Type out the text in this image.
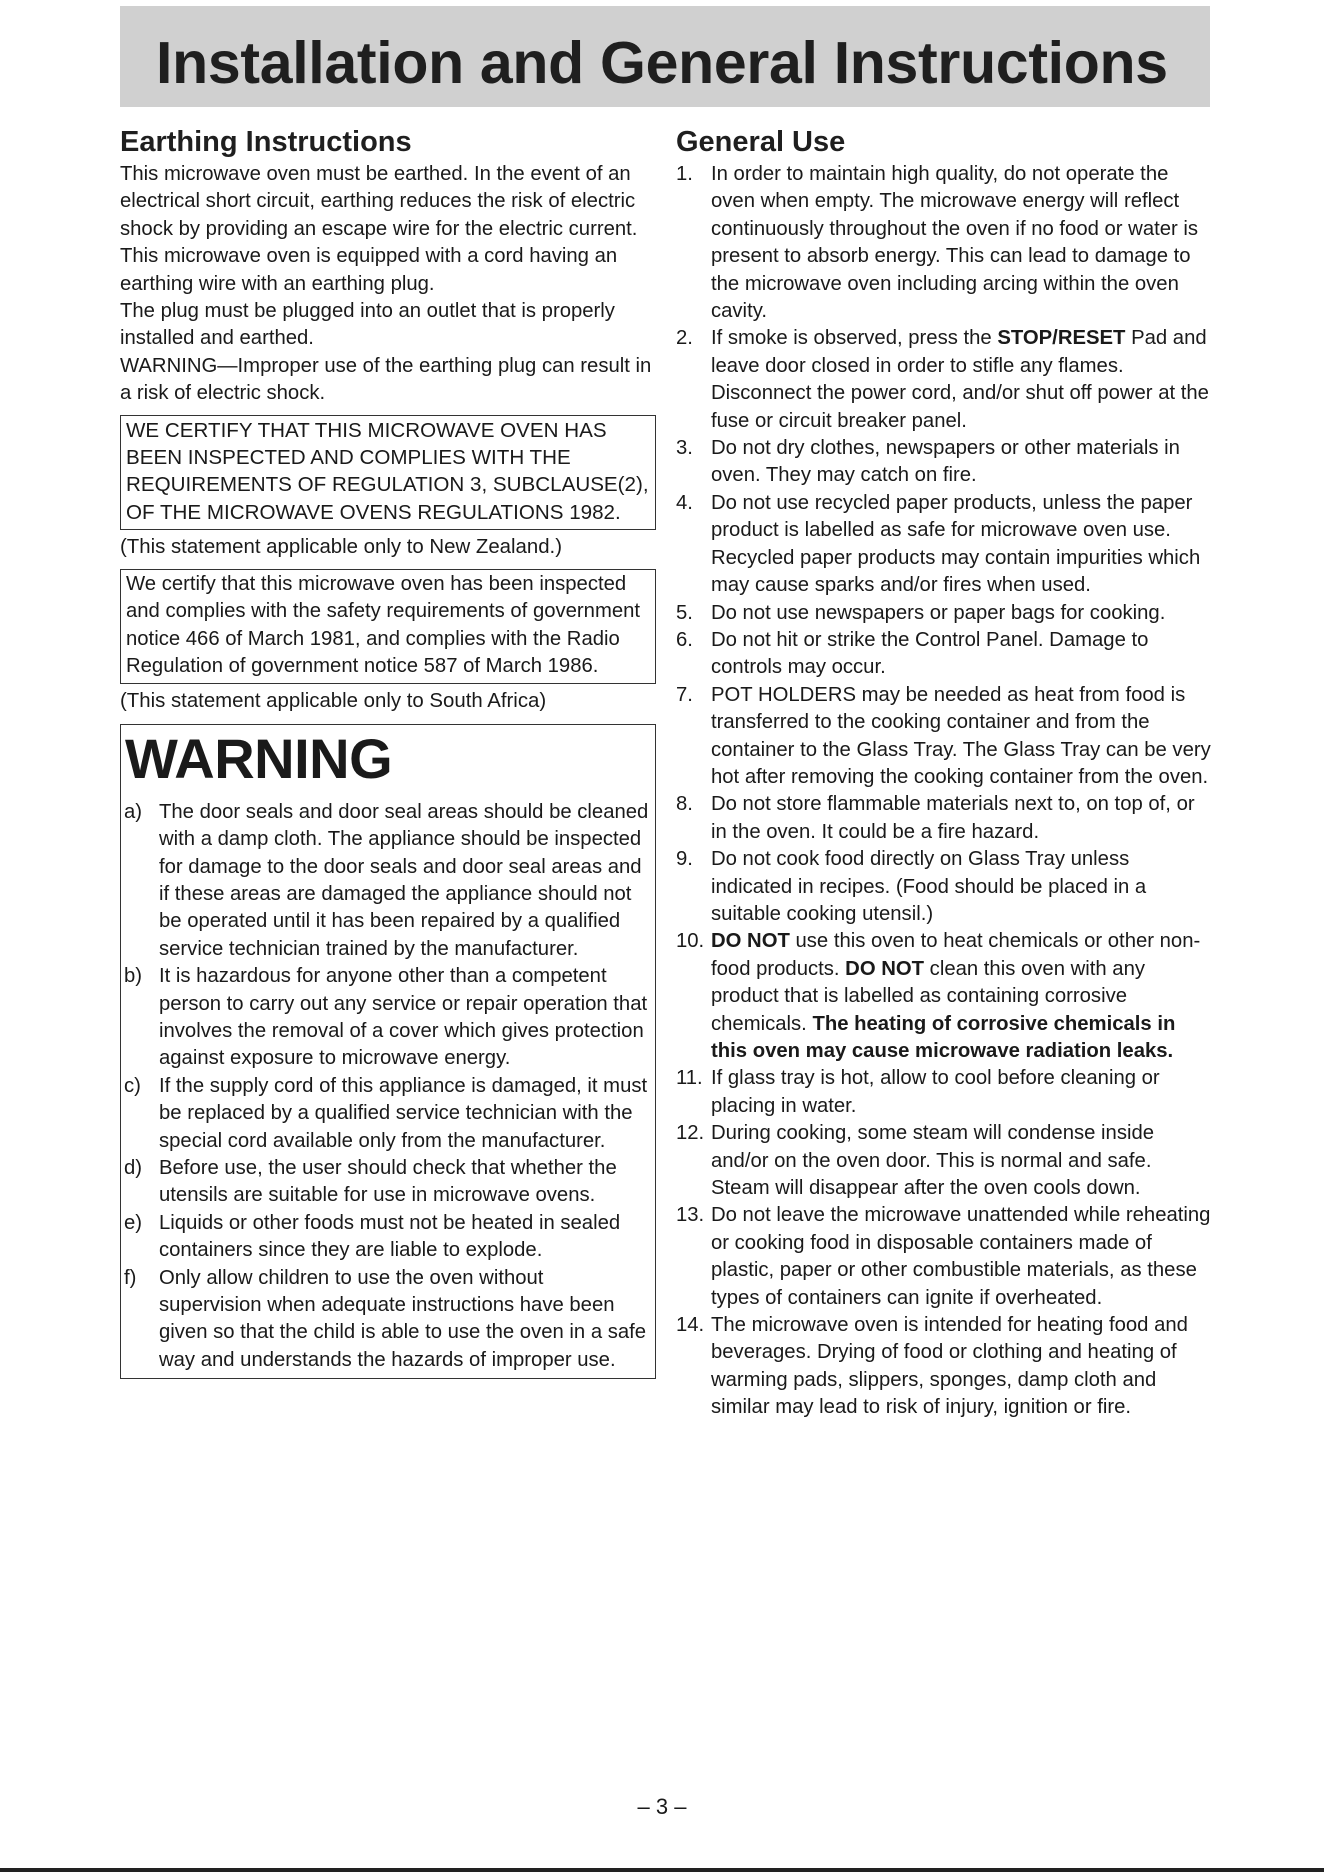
Installation and General Instructions
Earthing Instructions

This microwave oven must be earthed. In the event of an electrical short circuit, earthing reduces the risk of electric shock by providing an escape wire for the electric current. This microwave oven is equipped with a cord having an earthing wire with an earthing plug.

The plug must be plugged into an outlet that is properly installed and earthed.

WARNING—Improper use of the earthing plug can result in a risk of electric shock.

WE CERTIFY THAT THIS MICROWAVE OVEN HAS BEEN INSPECTED AND COMPLIES WITH THE REQUIREMENTS OF REGULATION 3, SUBCLAUSE(2), OF THE MICROWAVE OVENS REGULATIONS 1982.

(This statement applicable only to New Zealand.)

We certify that this microwave oven has been inspected and complies with the safety requirements of government notice 466 of March 1981, and complies with the Radio Regulation of government notice 587 of March 1986.

(This statement applicable only to South Africa)

WARNING
a) The door seals and door seal areas should be cleaned with a damp cloth. The appliance should be inspected for damage to the door seals and door seal areas and if these areas are damaged the appliance should not be operated until it has been repaired by a qualified service technician trained by the manufacturer.
b) It is hazardous for anyone other than a competent person to carry out any service or repair operation that involves the removal of a cover which gives protection against exposure to microwave energy.
c) If the supply cord of this appliance is damaged, it must be replaced by a qualified service technician with the special cord available only from the manufacturer.
d) Before use, the user should check that whether the utensils are suitable for use in microwave ovens.
e) Liquids or other foods must not be heated in sealed containers since they are liable to explode.
f)	Only allow children to use the oven without supervision when adequate instructions have been given so that the child is able to use the oven in a safe way and understands the hazards of improper use.
General Use
1. In order to maintain high quality, do not operate the oven when empty. The microwave energy will reflect continuously throughout the oven if no food or water is present to absorb energy. This can lead to damage to the microwave oven including arcing within the oven cavity.
2. If smoke is observed, press the STOP/RESET Pad and leave door closed in order to stifle any flames. Disconnect the power cord, and/or shut off power at the fuse or circuit breaker panel.
3. Do not dry clothes, newspapers or other materials in oven. They may catch on fire.
4. Do not use recycled paper products, unless the paper product is labelled as safe for microwave oven use. Recycled paper products may contain impurities which may cause sparks and/or fires when used.
5. Do not use newspapers or paper bags for cooking.
6. Do not hit or strike the Control Panel. Damage to controls may occur.
7. POT HOLDERS may be needed as heat from food is transferred to the cooking container and from the container to the Glass Tray. The Glass Tray can be very hot after removing the cooking container from the oven.
8. Do not store flammable materials next to, on top of, or in the oven. It could be a fire hazard.
9. Do not cook food directly on Glass Tray unless indicated in recipes. (Food should be placed in a suitable cooking utensil.)
10. DO NOT use this oven to heat chemicals or other non-food products. DO NOT clean this oven with any product that is labelled as containing corrosive chemicals. The heating of corrosive chemicals in this oven may cause microwave radiation leaks.
11. If glass tray is hot, allow to cool before cleaning or placing in water.
12. During cooking, some steam will condense inside and/or on the oven door. This is normal and safe. Steam will disappear after the oven cools down.
13. Do not leave the microwave unattended while reheating or cooking food in disposable containers made of plastic, paper or other combustible materials, as these types of containers can ignite if overheated.
14. The microwave oven is intended for heating food and beverages. Drying of food or clothing and heating of warming pads, slippers, sponges, damp cloth and similar may lead to risk of injury, ignition or fire.
– 3 –
